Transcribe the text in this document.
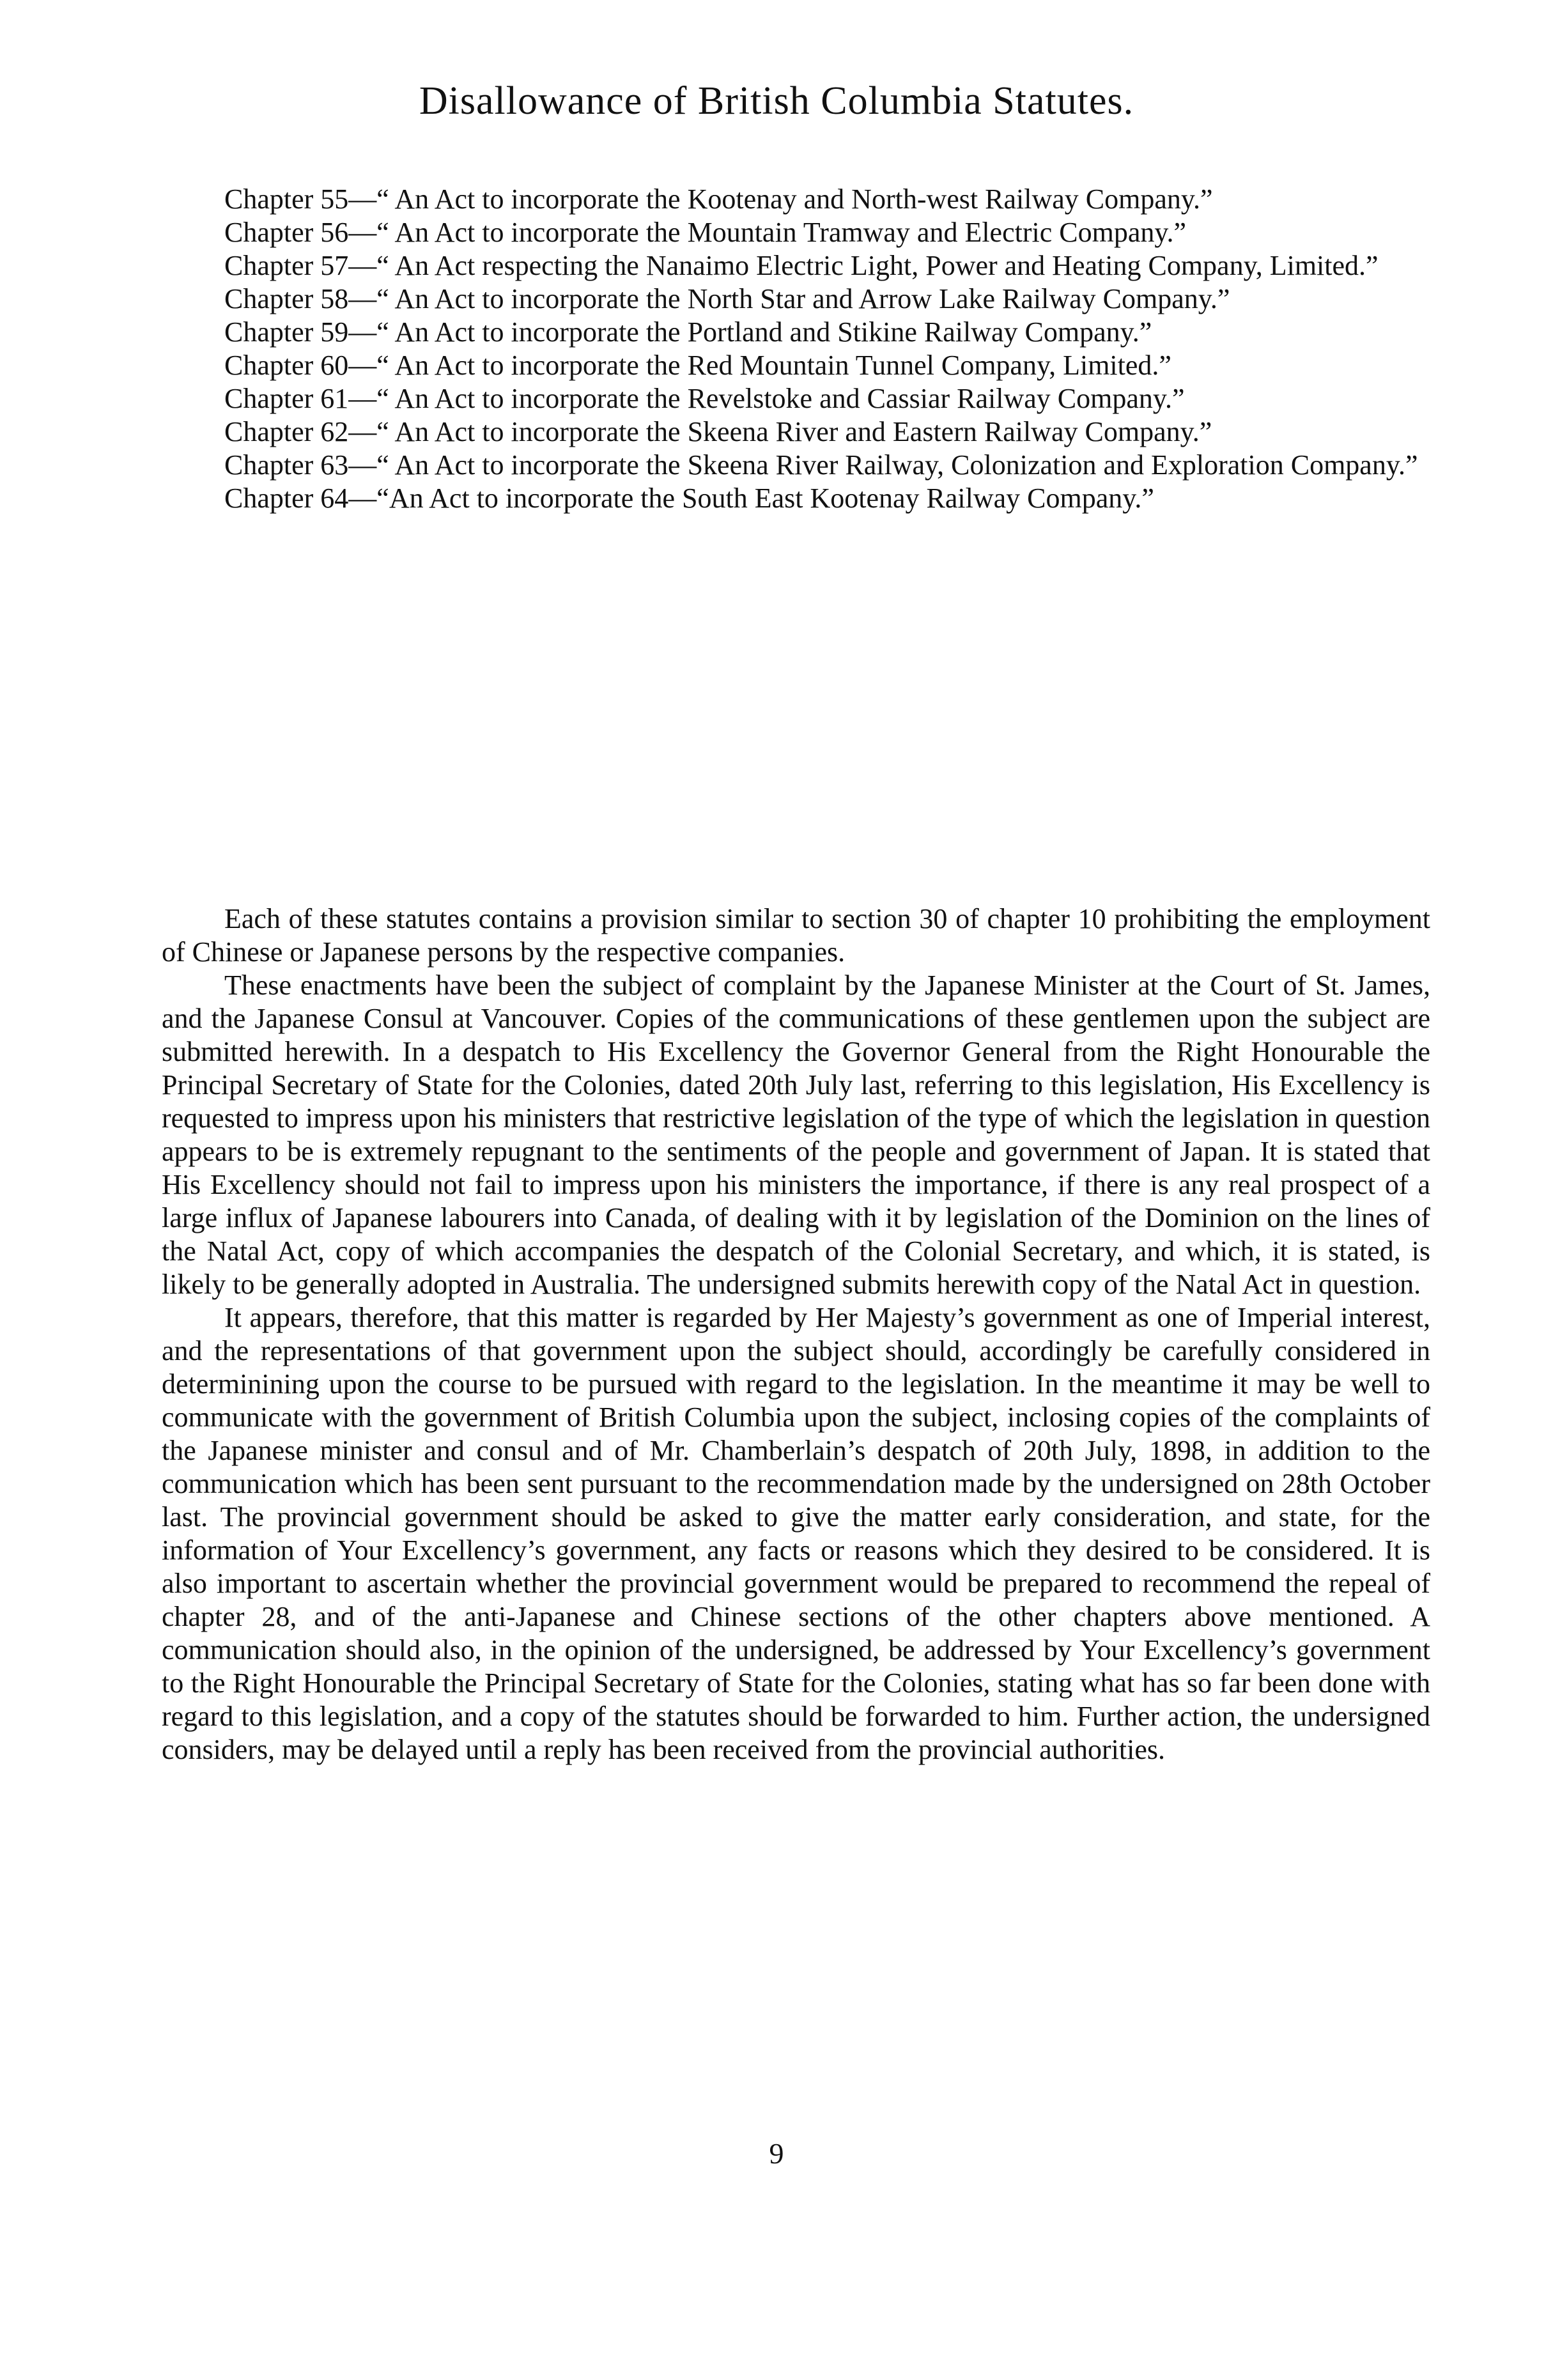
Disallowance of British Columbia Statutes.

Chapter 55—“ An Act to incorporate the Kootenay and North-west Railway Company.”

Chapter 56—“ An Act to incorporate the Mountain Tramway and Electric Company.”

Chapter 57—“ An Act respecting the Nanaimo Electric Light, Power and Heating Company, Limited.”

Chapter 58—“ An Act to incorporate the North Star and Arrow Lake Railway Company.”

Chapter 59—“ An Act to incorporate the Portland and Stikine Railway Company.”

Chapter 60—“ An Act to incorporate the Red Mountain Tunnel Company, Limited.”

Chapter 61—“ An Act to incorporate the Revelstoke and Cassiar Railway Company.”

Chapter 62—“ An Act to incorporate the Skeena River and Eastern Railway Company.”

Chapter 63—“ An Act to incorporate the Skeena River Railway, Colonization and Exploration Company.”

Chapter 64—“An Act to incorporate the South East Kootenay Railway Company.”

Each of these statutes contains a provision similar to section 30 of chapter 10 prohibiting the employment of Chinese or Japanese persons by the respective companies.

These enactments have been the subject of complaint by the Japanese Minister at the Court of St. James, and the Japanese Consul at Vancouver. Copies of the communications of these gentlemen upon the subject are submitted herewith. In a despatch to His Excellency the Governor General from the Right Honourable the Principal Secretary of State for the Colonies, dated 20th July last, referring to this legislation, His Excellency is requested to impress upon his ministers that restrictive legislation of the type of which the legislation in question appears to be is extremely repugnant to the sentiments of the people and government of Japan. It is stated that His Excellency should not fail to impress upon his ministers the importance, if there is any real prospect of a large influx of Japanese labourers into Canada, of dealing with it by legislation of the Dominion on the lines of the Natal Act, copy of which accompanies the despatch of the Colonial Secretary, and which, it is stated, is likely to be generally adopted in Australia. The undersigned submits herewith copy of the Natal Act in question.

It appears, therefore, that this matter is regarded by Her Majesty’s government as one of Imperial interest, and the representations of that government upon the subject should, accordingly be carefully considered in determinining upon the course to be pursued with regard to the legislation. In the meantime it may be well to communicate with the government of British Columbia upon the subject, inclosing copies of the complaints of the Japanese minister and consul and of Mr. Chamberlain’s despatch of 20th July, 1898, in addition to the communication which has been sent pursuant to the recommendation made by the undersigned on 28th October last. The provincial government should be asked to give the matter early consideration, and state, for the information of Your Excellency’s government, any facts or reasons which they desired to be considered. It is also important to ascertain whether the provincial government would be prepared to recommend the repeal of chapter 28, and of the anti-Japanese and Chinese sections of the other chapters above mentioned. A communication should also, in the opinion of the undersigned, be addressed by Your Excellency’s government to the Right Honourable the Principal Secretary of State for the Colonies, stating what has so far been done with regard to this legislation, and a copy of the statutes should be forwarded to him. Further action, the undersigned considers, may be delayed until a reply has been received from the provincial authorities.

9
